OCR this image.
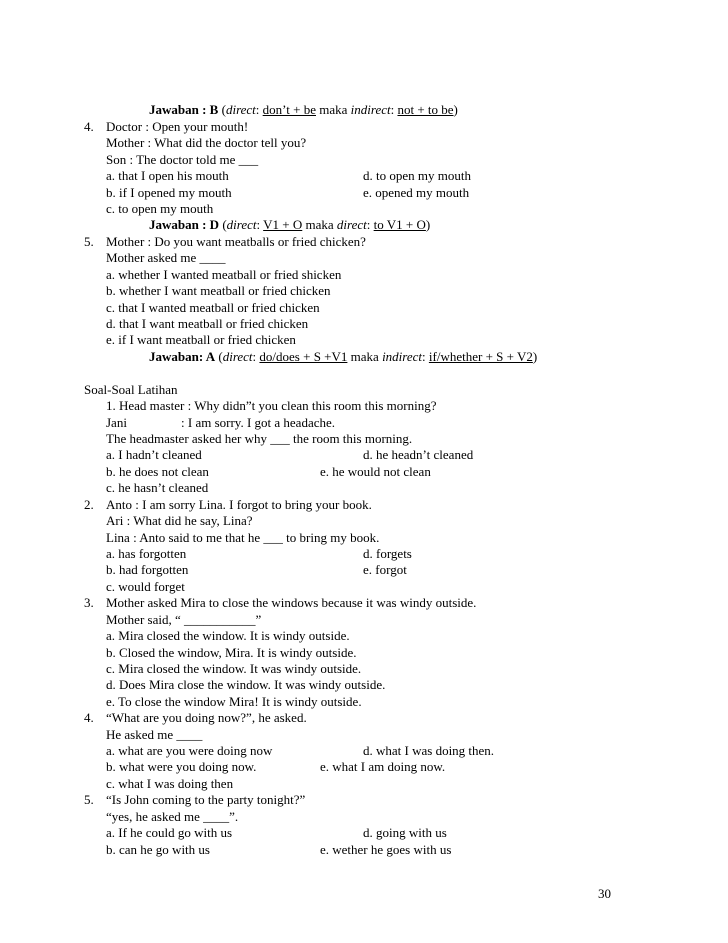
Jawaban : B (direct: don’t + be maka indirect: not + to be)
4. Doctor : Open your mouth!
Mother : What did the doctor tell you?
Son : The doctor told me ___
a. that I open his mouth	d. to open my mouth
b. if I opened my mouth	e. opened my mouth
c. to open my mouth
Jawaban : D (direct: V1 + O maka direct: to V1 + O)
5. Mother : Do you want meatballs or fried chicken?
Mother asked me ____
a. whether I wanted meatball or fried shicken
b. whether I want meatball or fried chicken
c. that I wanted meatball or fried chicken
d. that I want meatball or fried chicken
e. if I want meatball or fried chicken
Jawaban: A (direct: do/does + S +V1 maka indirect: if/whether + S + V2)
Soal-Soal Latihan
1. Head master : Why didn”t you clean this room this morning?
Jani	: I am sorry. I got a headache.
The headmaster asked her why ___ the room this morning.
a. I hadn’t cleaned	d. he headn’t cleaned
b. he does not clean	e. he would not clean
c. he hasn’t cleaned
2. Anto : I am sorry Lina. I forgot to bring your book.
Ari : What did he say, Lina?
Lina : Anto said to me that he ___ to bring my book.
a. has forgotten	d. forgets
b. had forgotten	e. forgot
c. would forget
3. Mother asked Mira to close the windows because it was windy outside.
Mother said, “ ___________”
a. Mira closed the window. It is windy outside.
b. Closed the window, Mira. It is windy outside.
c. Mira closed the window. It was windy outside.
d. Does Mira close the window. It was windy outside.
e. To close the window Mira! It is windy outside.
4. “What are you doing now?”, he asked.
He asked me ____
a. what are you were doing now	d. what I was doing then.
b. what were you doing now.	e. what I am doing now.
c. what I was doing then
5. “Is John coming to the party tonight?”
“yes, he asked me ____”.
a. If he could go with us	d. going with us
b. can he go with us	e. wether he goes with us
30
